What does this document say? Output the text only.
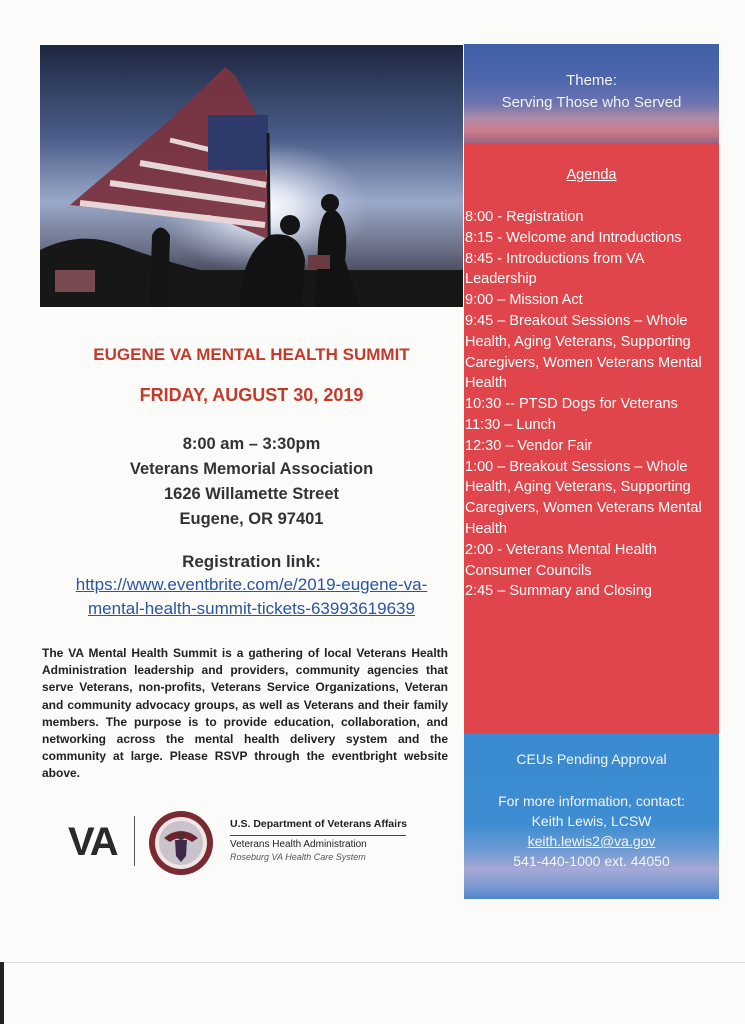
EUGENE VA MENTAL HEALTH SUMMIT
FRIDAY, AUGUST 30, 2019
8:00 am – 3:30pm
Veterans Memorial Association
1626 Willamette Street
Eugene, OR 97401
Registration link:
https://www.eventbrite.com/e/2019-eugene-va-
mental-health-summit-tickets-63993619639
The VA Mental Health Summit is a gathering of local Veterans Health Administration leadership and providers, community agencies that serve Veterans, non-profits, Veterans Service Organizations, Veteran and community advocacy groups, as well as Veterans and their family members. The purpose is to provide education, collaboration, and networking across the mental health delivery system and the community at large. Please RSVP through the eventbright website above.
VA	U.S. Department of Veterans Affairs
Veterans Health Administration
Roseburg VA Health Care System
Theme:
Serving Those who Served
Agenda
8:00 - Registration
8:15 - Welcome and Introductions
8:45 - Introductions from VA Leadership
9:00 – Mission Act
9:45 – Breakout Sessions – Whole Health, Aging Veterans, Supporting Caregivers, Women Veterans Mental Health
10:30 -- PTSD Dogs for Veterans
11:30 – Lunch
12:30 – Vendor Fair
1:00 – Breakout Sessions – Whole Health, Aging Veterans, Supporting Caregivers, Women Veterans Mental Health
2:00 - Veterans Mental Health Consumer Councils
2:45 – Summary and Closing
CEUs Pending Approval
For more information, contact:
Keith Lewis, LCSW
keith.lewis2@va.gov
541-440-1000 ext. 44050
